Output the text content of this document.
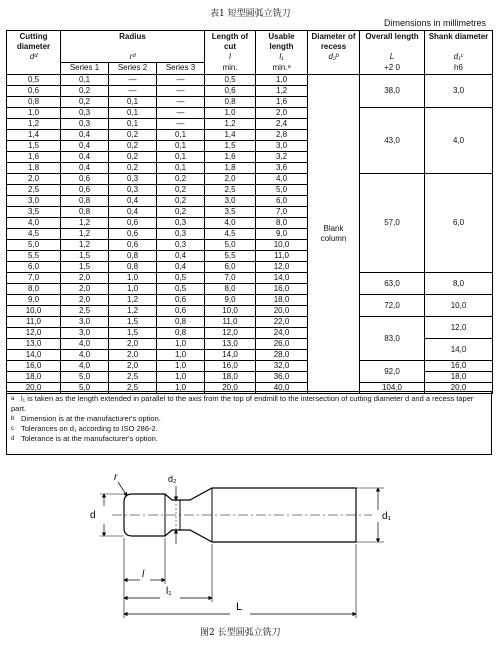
表1 短型圆弧立铣刀
Dimensions in millimetres
Cutting diameter	Radius			Length of cut	Usable length	Diameter of recess	Overall length	Shank diameter
dᵈ	rᵈ			l	l₁	d₂ᵇ	L	d₁ᶜ
	Series 1	Series 2	Series 3	min.	min.ᵃ		+2 0	h6
0,5	0,1	—	—	0,5	1,0	Blank column	38,0	3,0
0,6	0,2	—	—	0,6	1,2			
0,8	0,2	0,1	—	0,8	1,6			
1,0	0,3	0,1	—	1,0	2,0		43,0	4,0
1,2	0,3	0,1	—	1,2	2,4			
1,4	0,4	0,2	0,1	1,4	2,8			
1,5	0,4	0,2	0,1	1,5	3,0			
1,6	0,4	0,2	0,1	1,6	3,2			
1,8	0,4	0,2	0,1	1,8	3,6			
2,0	0,6	0,3	0,2	2,0	4,0		57,0	6,0
2,5	0,6	0,3	0,2	2,5	5,0			
3,0	0,8	0,4	0,2	3,0	6,0			
3,5	0,8	0,4	0,2	3,5	7,0			
4,0	1,2	0,6	0,3	4,0	8,0			
4,5	1,2	0,6	0,3	4,5	9,0			
5,0	1,2	0,6	0,3	5,0	10,0			
5,5	1,5	0,8	0,4	5,5	11,0			
6,0	1,5	0,8	0,4	6,0	12,0			
7,0	2,0	1,0	0,5	7,0	14,0		63,0	8,0
8,0	2,0	1,0	0,5	8,0	16,0			
9,0	2,0	1,2	0,6	9,0	18,0		72,0	10,0
10,0	2,5	1,2	0,6	10,0	20,0			
11,0	3,0	1,5	0,8	11,0	22,0		83,0	12,0
12,0	3,0	1,5	0,8	12,0	24,0			
13,0	4,0	2,0	1,0	13,0	26,0			14,0
14,0	4,0	2,0	1,0	14,0	28,0			
16,0	4,0	2,0	1,0	16,0	32,0		92,0	16,0
18,0	5,0	2,5	1,0	18,0	36,0			18,0
20,0	5,0	2,5	1,0	20,0	40,0		104,0	20,0
a l₁ is taken as the length extended in parallel to the axis from the top of endmill to the intersection of cutting diameter d and a recess taper part.
b Dimension is at the manufacturer's option.
c Tolerances on d₁ according to ISO 286-2.
d Tolerance is at the manufacturer's option.
d
r	d₂
d₁
l
l₁
L
图2 长型圆弧立铣刀
